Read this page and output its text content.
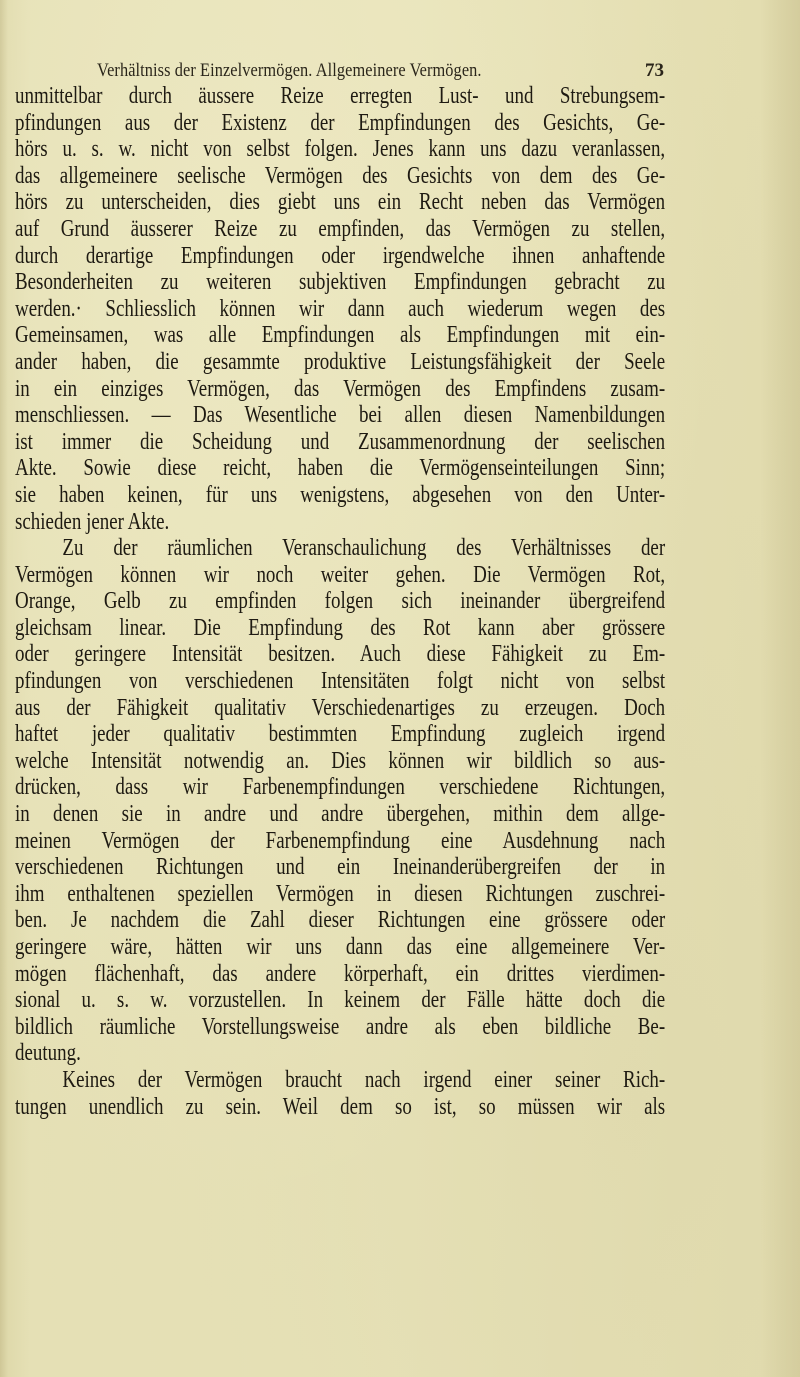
Verhältniss der Einzelvermögen. Allgemeinere Vermögen.	73
unmittelbar durch äussere Reize erregten Lust- und Strebungsem-
pfindungen aus der Existenz der Empfindungen des Gesichts, Ge-
hörs u. s. w. nicht von selbst folgen. Jenes kann uns dazu veranlassen,
das allgemeinere seelische Vermögen des Gesichts von dem des Ge-
hörs zu unterscheiden, dies giebt uns ein Recht neben das Vermögen
auf Grund äusserer Reize zu empfinden, das Vermögen zu stellen,
durch derartige Empfindungen oder irgendwelche ihnen anhaftende
Besonderheiten zu weiteren subjektiven Empfindungen gebracht zu
werden.· Schliesslich können wir dann auch wiederum wegen des
Gemeinsamen, was alle Empfindungen als Empfindungen mit ein-
ander haben, die gesammte produktive Leistungsfähigkeit der Seele
in ein einziges Vermögen, das Vermögen des Empfindens zusam-
menschliessen. — Das Wesentliche bei allen diesen Namenbildungen
ist immer die Scheidung und Zusammenordnung der seelischen
Akte. Sowie diese reicht, haben die Vermögenseinteilungen Sinn;
sie haben keinen, für uns wenigstens, abgesehen von den Unter-
schieden jener Akte.
Zu der räumlichen Veranschaulichung des Verhältnisses der
Vermögen können wir noch weiter gehen. Die Vermögen Rot,
Orange, Gelb zu empfinden folgen sich ineinander übergreifend
gleichsam linear. Die Empfindung des Rot kann aber grössere
oder geringere Intensität besitzen. Auch diese Fähigkeit zu Em-
pfindungen von verschiedenen Intensitäten folgt nicht von selbst
aus der Fähigkeit qualitativ Verschiedenartiges zu erzeugen. Doch
haftet jeder qualitativ bestimmten Empfindung zugleich irgend
welche Intensität notwendig an. Dies können wir bildlich so aus-
drücken, dass wir Farbenempfindungen verschiedene Richtungen,
in denen sie in andre und andre übergehen, mithin dem allge-
meinen Vermögen der Farbenempfindung eine Ausdehnung nach
verschiedenen Richtungen und ein Ineinanderübergreifen der in
ihm enthaltenen speziellen Vermögen in diesen Richtungen zuschrei-
ben. Je nachdem die Zahl dieser Richtungen eine grössere oder
geringere wäre, hätten wir uns dann das eine allgemeinere Ver-
mögen flächenhaft, das andere körperhaft, ein drittes vierdimen-
sional u. s. w. vorzustellen. In keinem der Fälle hätte doch die
bildlich räumliche Vorstellungsweise andre als eben bildliche Be-
deutung.
Keines der Vermögen braucht nach irgend einer seiner Rich-
tungen unendlich zu sein. Weil dem so ist, so müssen wir als
